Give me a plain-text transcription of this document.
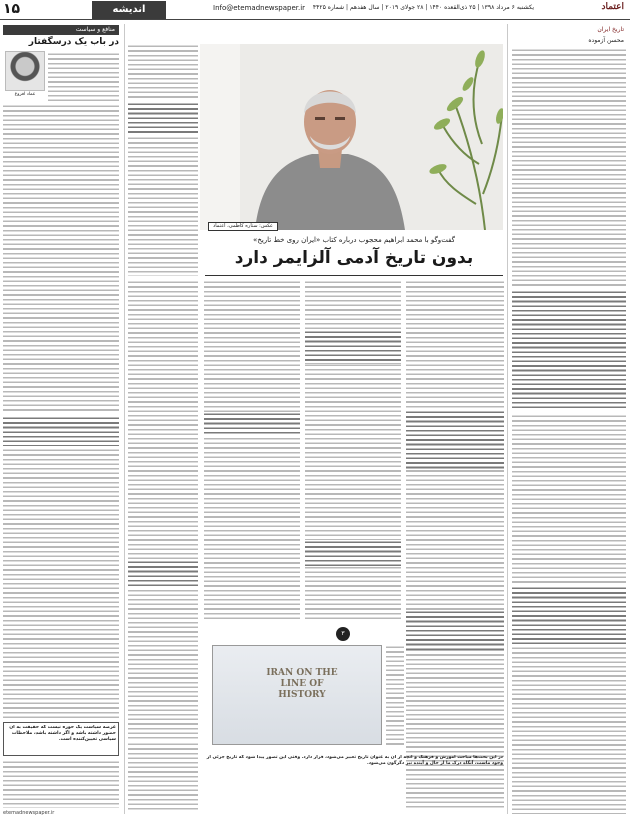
۱۵	اندیشه	Info@etemadnewspaper.ir	یکشنبه ۶ مرداد ۱۳۹۸ | ۲۵ ذی‌القعده ۱۴۴۰ | ۲۸ جولای ۲۰۱۹ | سال هفدهم | شماره ۴۴۲۵	اعتماد
تاریخ ایران
محسن آزموده
منافع و سیاست
در باب یک درسگفتار
عماد افروغ
عرصه سیاست یک حوزه نیست که حقیقت به آن حضور داشته باشد و اگر داشته باشد، ملاحظات سیاسی تعیین‌کننده است.
etemadnewspaper.ir
عکس: ستاره کاظمی، اعتماد
گفت‌وگو با محمد ابراهیم محجوب درباره کتاب «ایران روی خط تاریخ»
بدون تاریخ آدمی آلزایمر دارد
۳
IRAN ON THE LINE OF HISTORY
در این بحث‌ها مباحث آموزش و فرهنگ و آنچه از آن به عنوان تاریخ تعبیر می‌شود، قرار دارد. وقتی این تصور پیدا شود که تاریخ جزئی از وجود ماست، آنگاه درک ما از حال و آینده نیز دگرگون می‌شود.
